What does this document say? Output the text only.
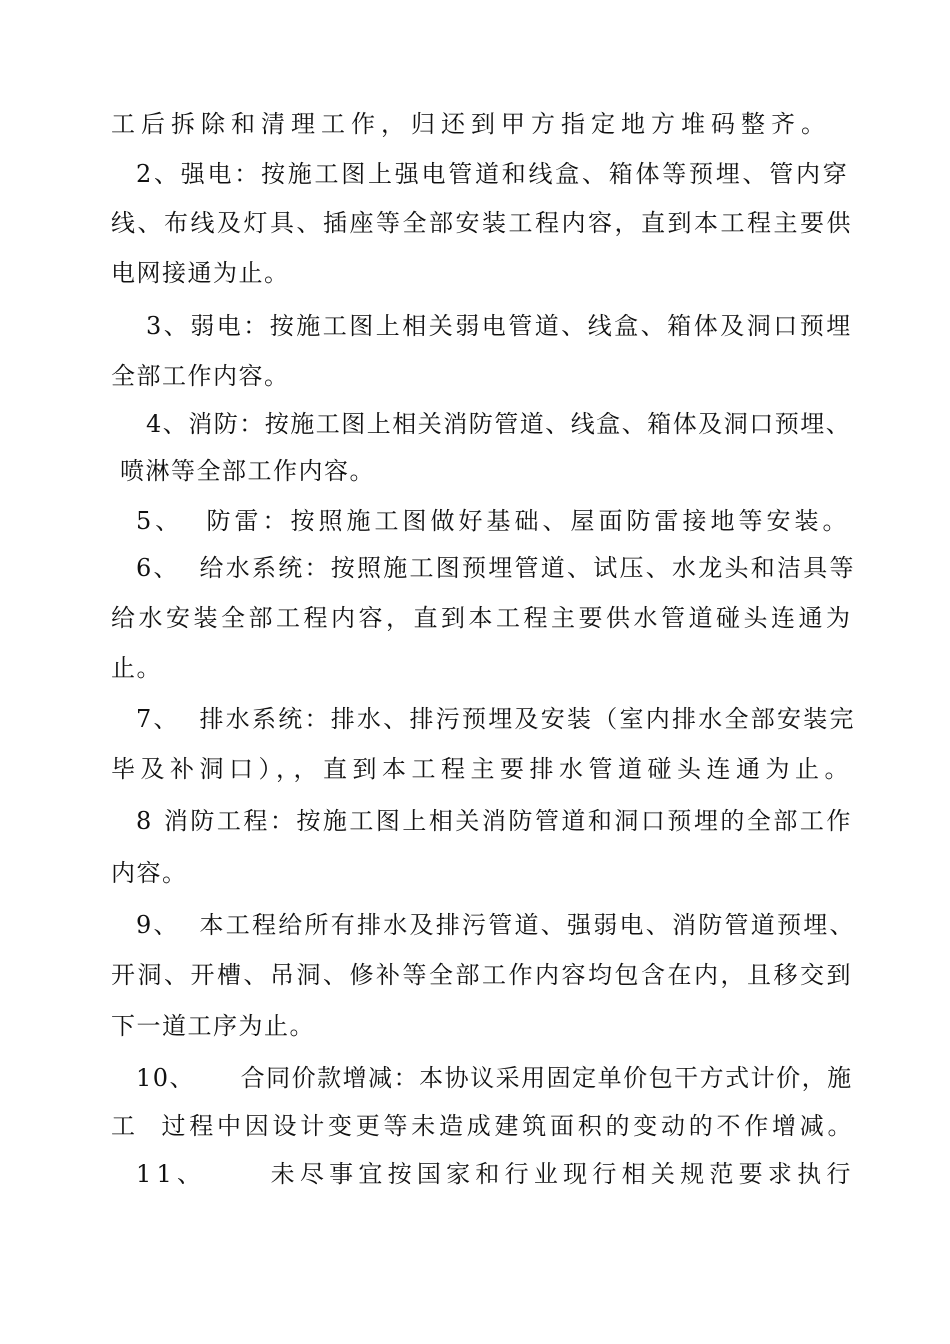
工后拆除和清理工作，归还到甲方指定地方堆码整齐。
2、强电：按施工图上强电管道和线盒、箱体等预埋、管内穿
线、布线及灯具、插座等全部安装工程内容，直到本工程主要供
电网接通为止。
3、弱电：按施工图上相关弱电管道、线盒、箱体及洞口预埋
全部工作内容。
4、消防：按施工图上相关消防管道、线盒、箱体及洞口预埋、
喷淋等全部工作内容。
5、  防雷：按照施工图做好基础、屋面防雷接地等安装。
6、  给水系统：按照施工图预埋管道、试压、水龙头和洁具等
给水安装全部工程内容，直到本工程主要供水管道碰头连通为
止。
7、  排水系统：排水、排污预埋及安装（室内排水全部安装完
毕及补洞口），，直到本工程主要排水管道碰头连通为止。
8 消防工程：按施工图上相关消防管道和洞口预埋的全部工作
内容。
9、  本工程给所有排水及排污管道、强弱电、消防管道预埋、
开洞、开槽、吊洞、修补等全部工作内容均包含在内，且移交到
下一道工序为止。
10、     合同价款增减：本协议采用固定单价包干方式计价，施
工  过程中因设计变更等未造成建筑面积的变动的不作增减。
11、     未尽事宜按国家和行业现行相关规范要求执行
